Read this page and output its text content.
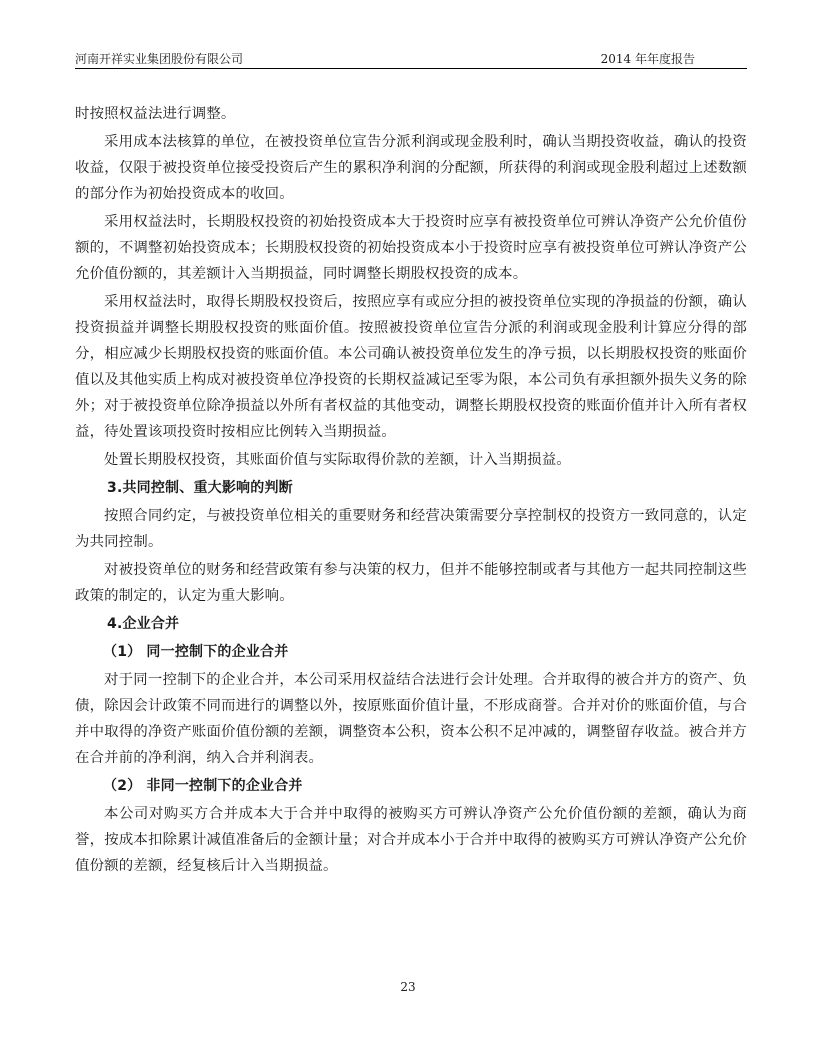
河南开祥实业集团股份有限公司	2014 年年度报告

时按照权益法进行调整。

采用成本法核算的单位，在被投资单位宣告分派利润或现金股利时，确认当期投资收益，确认的投资收益，仅限于被投资单位接受投资后产生的累积净利润的分配额，所获得的利润或现金股利超过上述数额的部分作为初始投资成本的收回。

采用权益法时，长期股权投资的初始投资成本大于投资时应享有被投资单位可辨认净资产公允价值份额的，不调整初始投资成本；长期股权投资的初始投资成本小于投资时应享有被投资单位可辨认净资产公允价值份额的，其差额计入当期损益，同时调整长期股权投资的成本。

采用权益法时，取得长期股权投资后，按照应享有或应分担的被投资单位实现的净损益的份额，确认投资损益并调整长期股权投资的账面价值。按照被投资单位宣告分派的利润或现金股利计算应分得的部分，相应减少长期股权投资的账面价值。本公司确认被投资单位发生的净亏损，以长期股权投资的账面价值以及其他实质上构成对被投资单位净投资的长期权益减记至零为限，本公司负有承担额外损失义务的除外；对于被投资单位除净损益以外所有者权益的其他变动，调整长期股权投资的账面价值并计入所有者权益，待处置该项投资时按相应比例转入当期损益。

处置长期股权投资，其账面价值与实际取得价款的差额，计入当期损益。

3.共同控制、重大影响的判断

按照合同约定，与被投资单位相关的重要财务和经营决策需要分享控制权的投资方一致同意的，认定为共同控制。

对被投资单位的财务和经营政策有参与决策的权力，但并不能够控制或者与其他方一起共同控制这些政策的制定的，认定为重大影响。

4.企业合并

（1） 同一控制下的企业合并

对于同一控制下的企业合并，本公司采用权益结合法进行会计处理。合并取得的被合并方的资产、负债，除因会计政策不同而进行的调整以外，按原账面价值计量，不形成商誉。合并对价的账面价值，与合并中取得的净资产账面价值份额的差额，调整资本公积，资本公积不足冲减的，调整留存收益。被合并方在合并前的净利润，纳入合并利润表。

（2） 非同一控制下的企业合并

本公司对购买方合并成本大于合并中取得的被购买方可辨认净资产公允价值份额的差额，确认为商誉，按成本扣除累计减值准备后的金额计量；对合并成本小于合并中取得的被购买方可辨认净资产公允价值份额的差额，经复核后计入当期损益。

23
